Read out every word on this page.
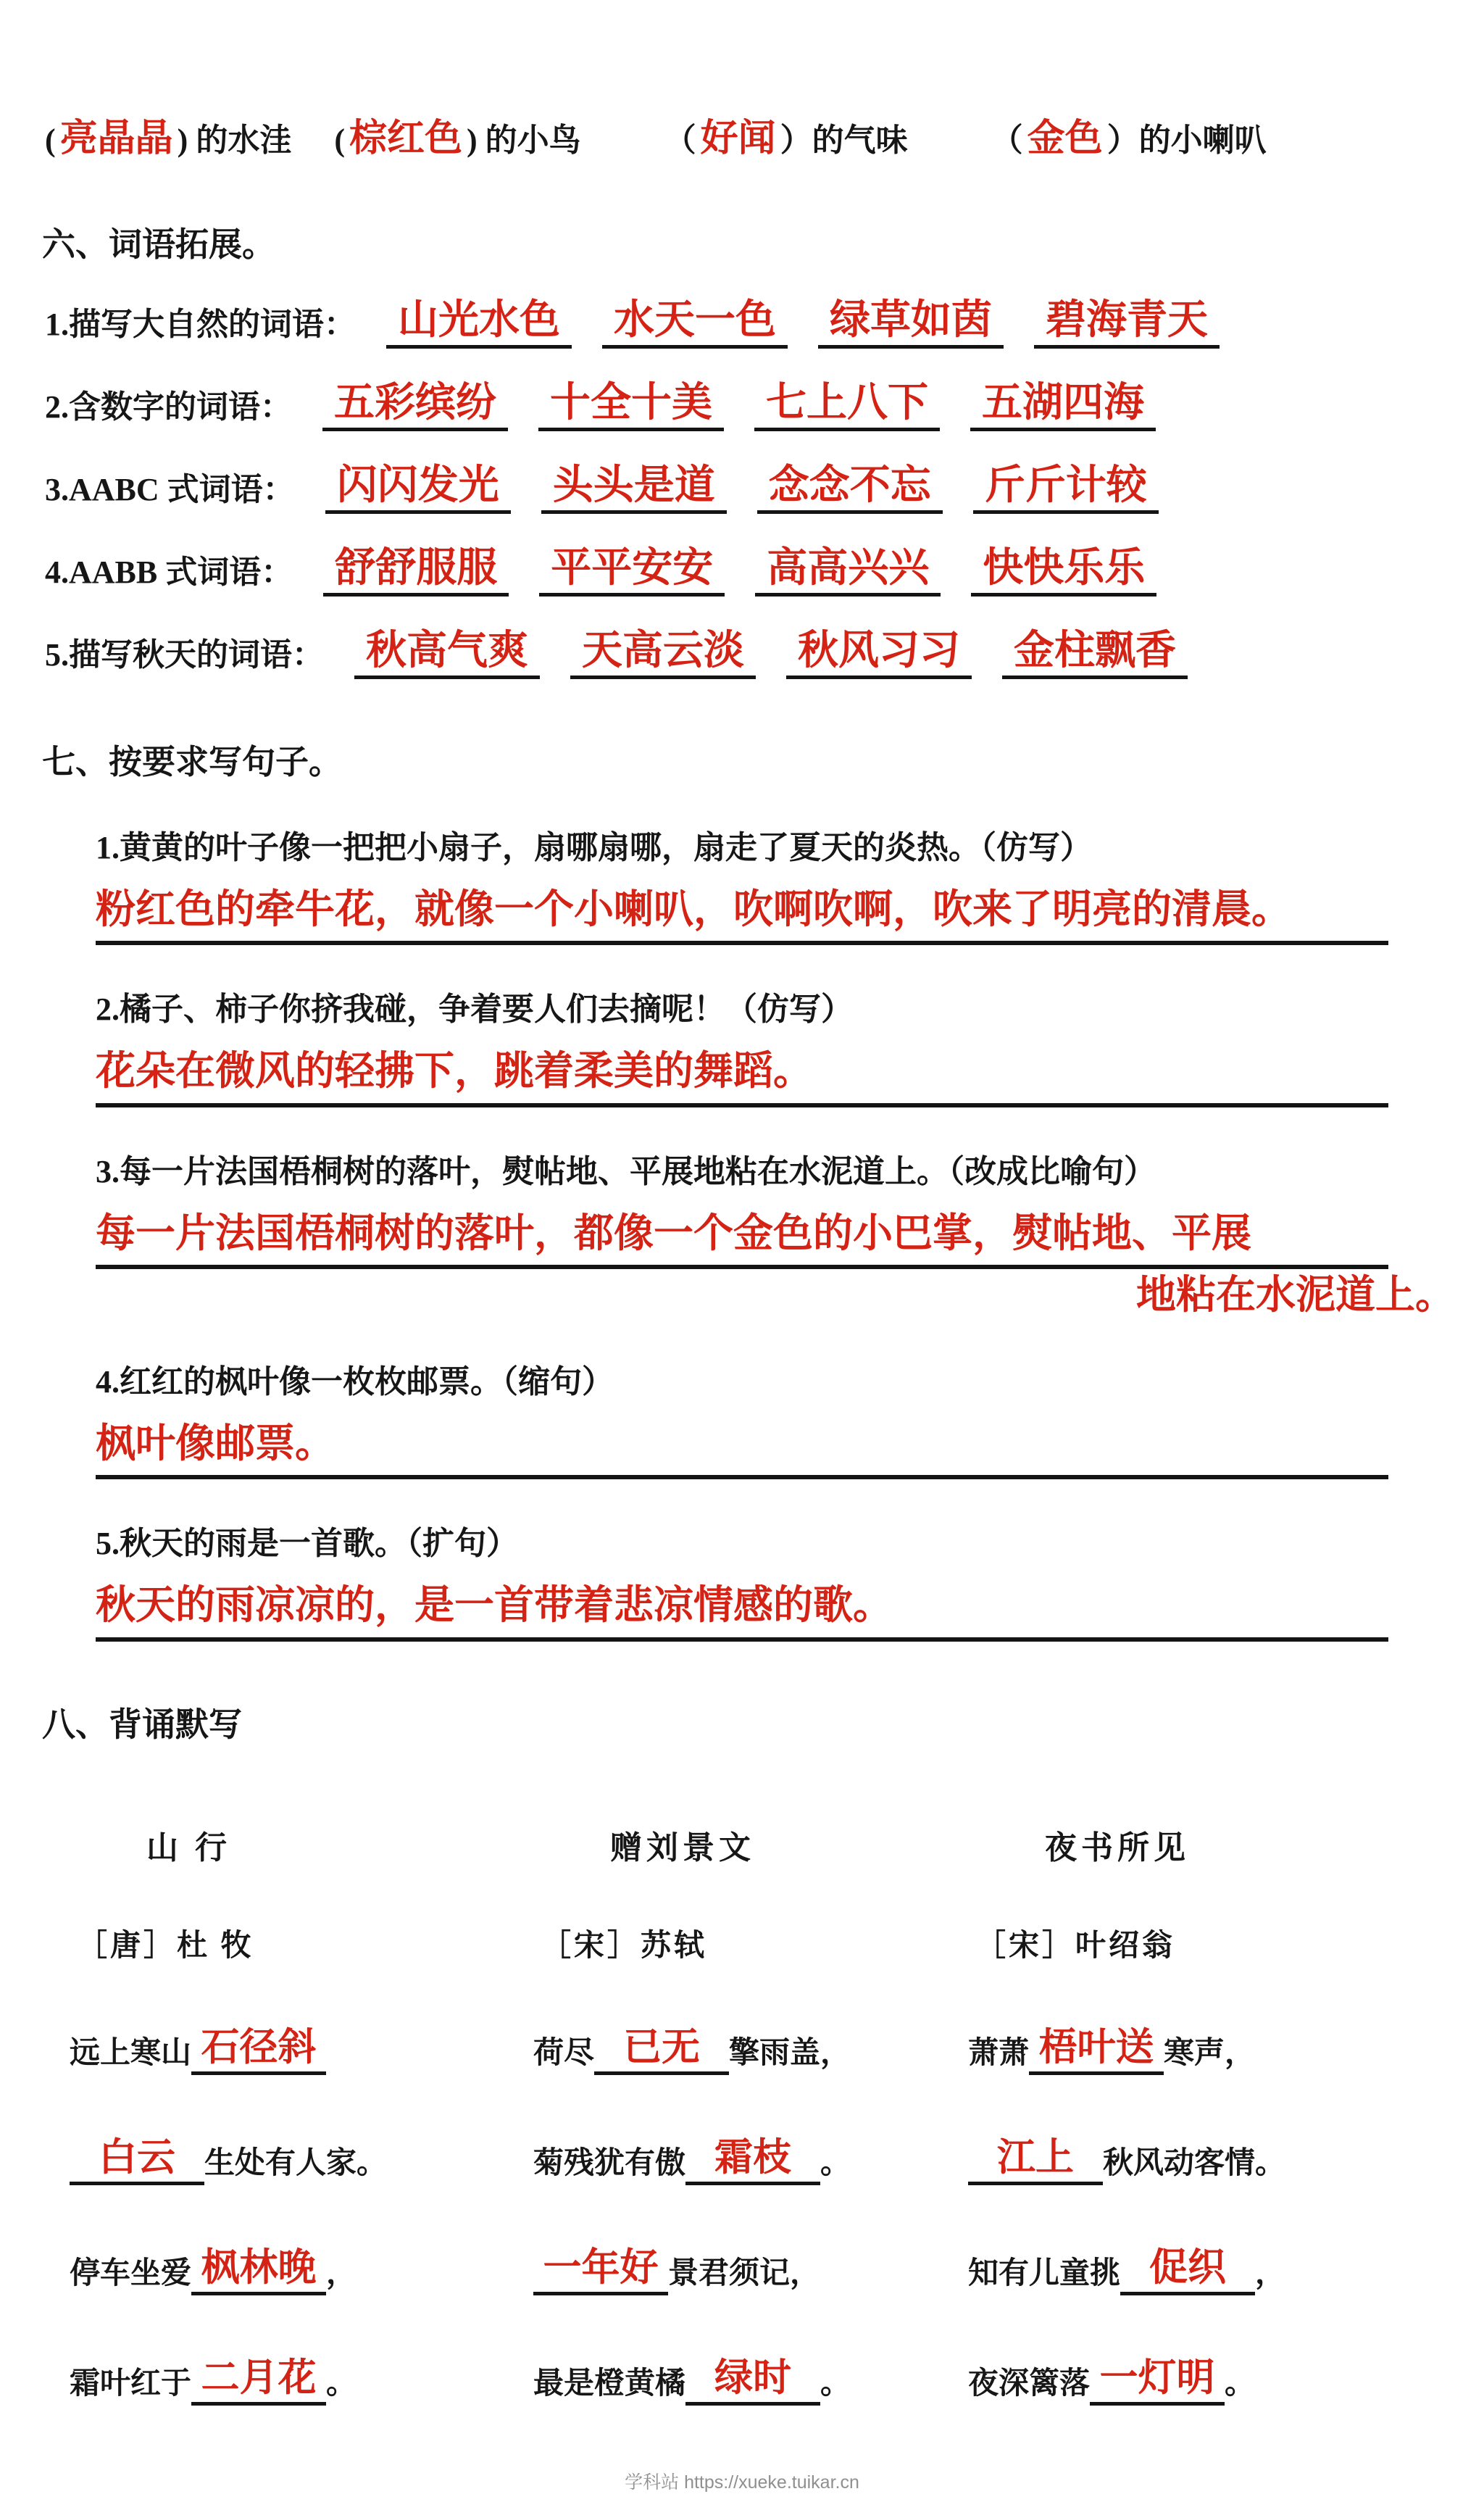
( 亮晶晶 ) 的水洼 ( 棕红色 ) 的小鸟	（ 好闻 ）的气味	（ 金色 ）的小喇叭
六、词语拓展。
1.描写大自然的词语： 山光水色 水天一色 绿草如茵 碧海青天
2.含数字的词语： 五彩缤纷 十全十美 七上八下 五湖四海
3.AABC 式词语： 闪闪发光 头头是道 念念不忘 斤斤计较
4.AABB 式词语： 舒舒服服 平平安安 高高兴兴 快快乐乐
5.描写秋天的词语： 秋高气爽 天高云淡 秋风习习 金柱飘香
七、按要求写句子。
1.黄黄的叶子像一把把小扇子，扇哪扇哪，扇走了夏天的炎热。（仿写）
粉红色的牵牛花，就像一个小喇叭，吹啊吹啊，吹来了明亮的清晨。
2.橘子、柿子你挤我碰，争着要人们去摘呢！（仿写）
花朵在微风的轻拂下，跳着柔美的舞蹈。
3.每一片法国梧桐树的落叶，熨帖地、平展地粘在水泥道上。（改成比喻句）
每一片法国梧桐树的落叶，都像一个金色的小巴掌，熨帖地、平展
地粘在水泥道上。
4.红红的枫叶像一枚枚邮票。（缩句）
枫叶像邮票。
5.秋天的雨是一首歌。（扩句）
秋天的雨凉凉的，是一首带着悲凉情感的歌。
八、背诵默写
山 行	赠刘景文	夜书所见
［唐］杜 牧	［宋］苏轼	［宋］叶绍翁
远上寒山 石径斜	荷尽 已无 擎雨盖，	萧萧 梧叶送 寒声，
白云 生处有人家。	菊残犹有傲 霜枝 。	江上 秋风动客情。
停车坐爱 枫林晚 ，	一年好 景君须记，	知有儿童挑 促织 ，
霜叶红于 二月花 。	最是橙黄橘 绿时 。	夜深篱落 一灯明 。
学科站 https://xueke.tuikar.cn
